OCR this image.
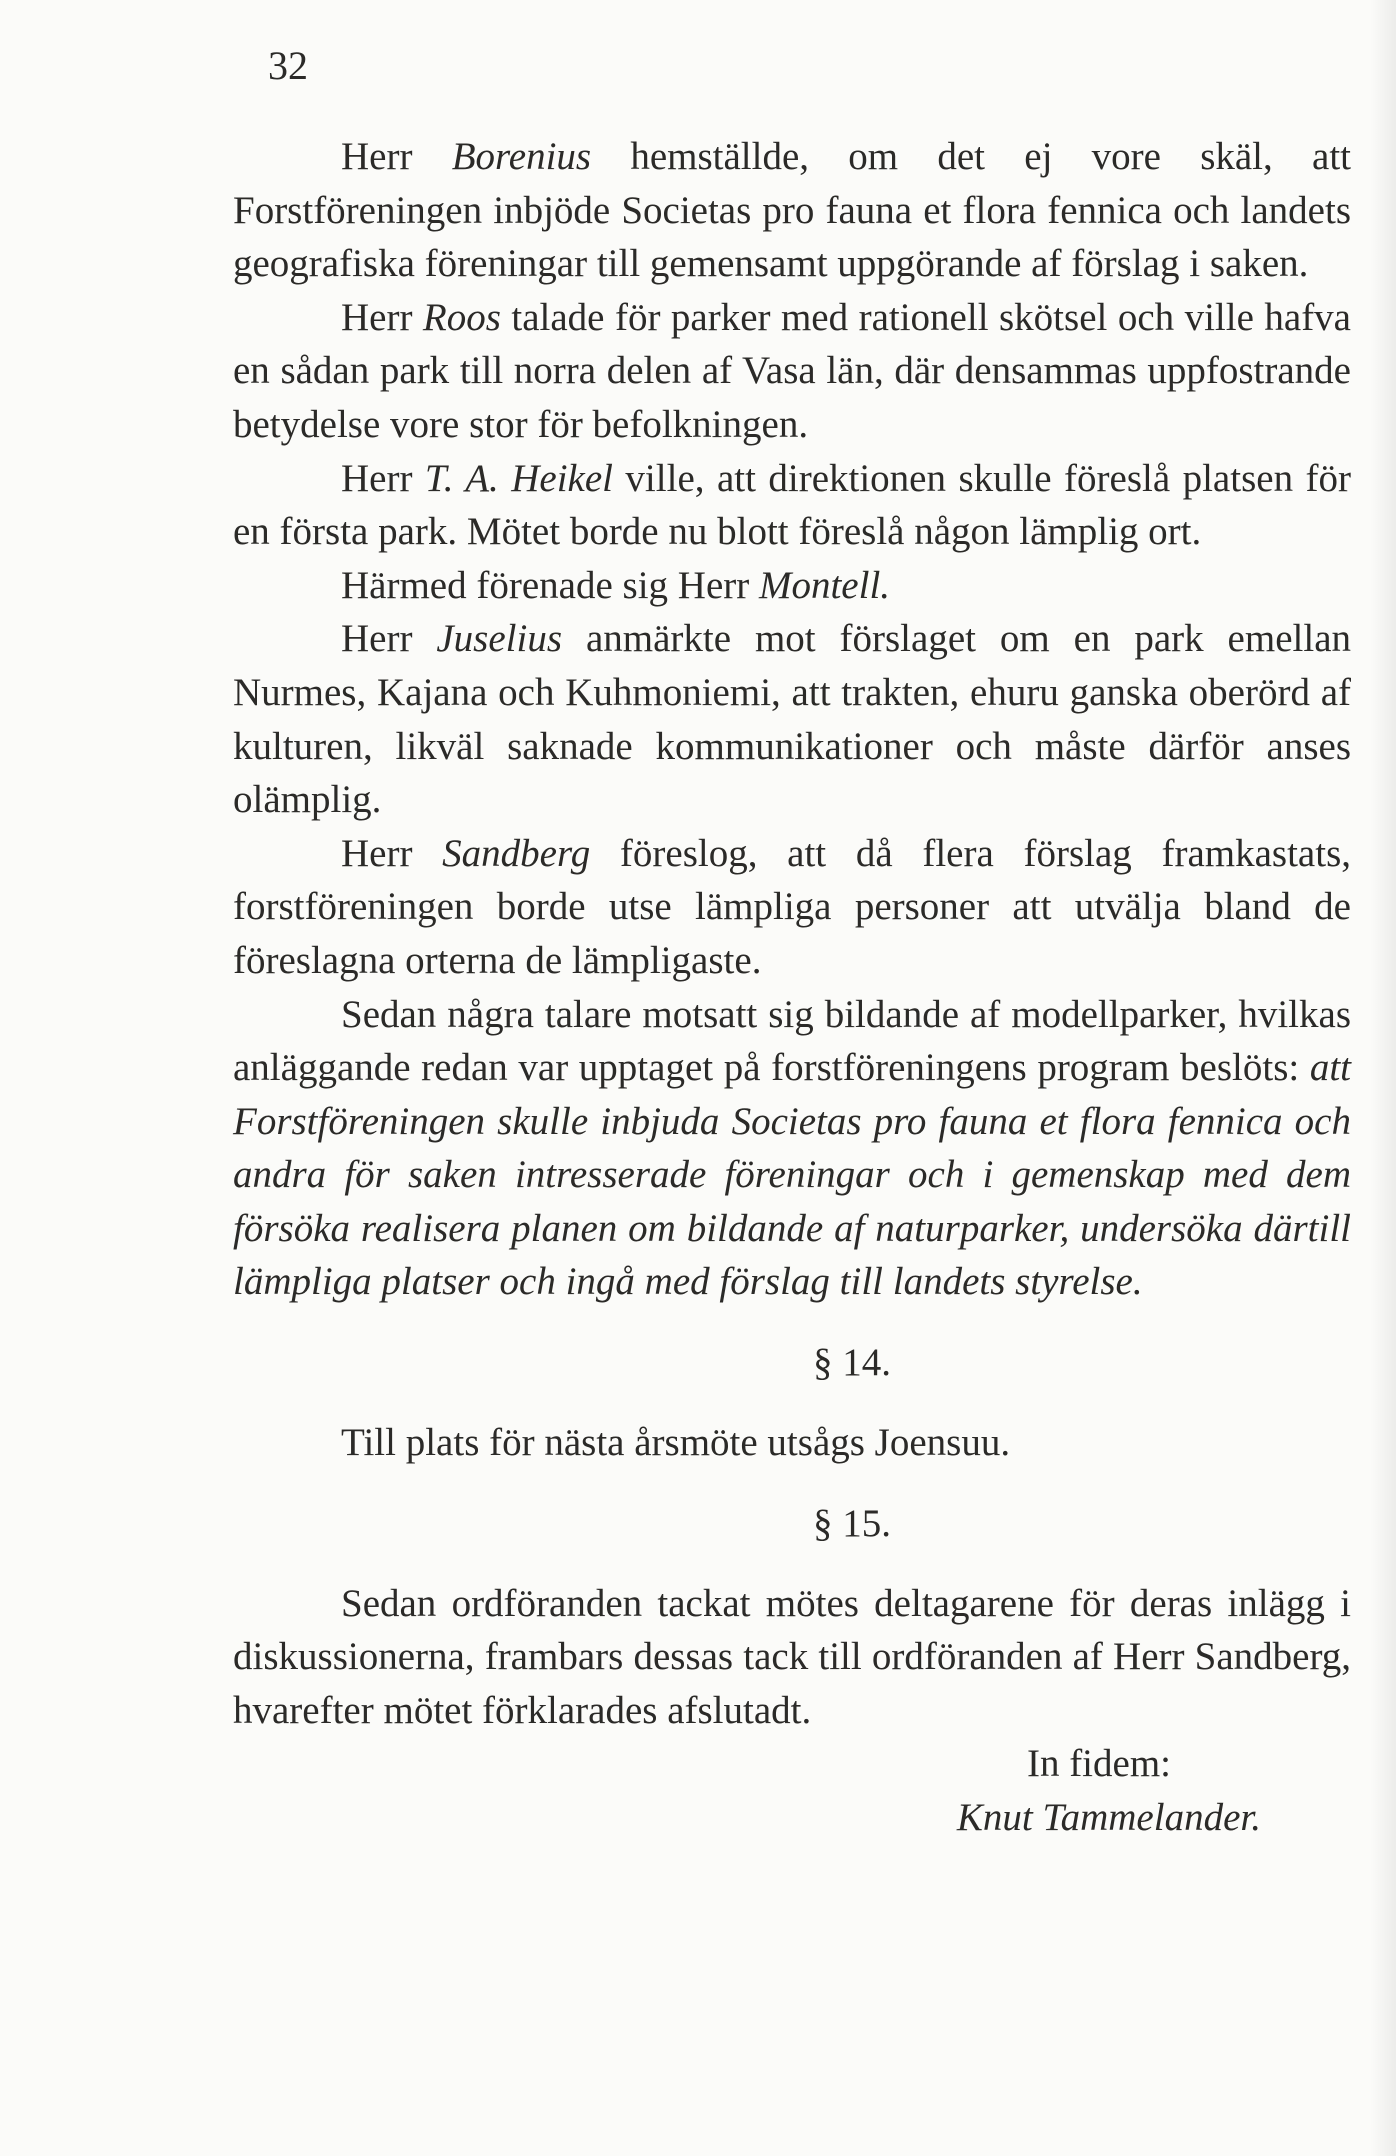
32

Herr Borenius hemställde, om det ej vore skäl, att Forstföreningen inbjöde Societas pro fauna et flora fennica och landets geografiska föreningar till gemensamt uppgörande af förslag i saken.

Herr Roos talade för parker med rationell skötsel och ville hafva en sådan park till norra delen af Vasa län, där densammas uppfostrande betydelse vore stor för befolkningen.

Herr T. A. Heikel ville, att direktionen skulle föreslå platsen för en första park. Mötet borde nu blott föreslå någon lämplig ort.

Härmed förenade sig Herr Montell.

Herr Juselius anmärkte mot förslaget om en park emellan Nurmes, Kajana och Kuhmoniemi, att trakten, ehuru ganska oberörd af kulturen, likväl saknade kommunikationer och måste därför anses olämplig.

Herr Sandberg föreslog, att då flera förslag framkastats, forstföreningen borde utse lämpliga personer att utvälja bland de föreslagna orterna de lämpligaste.

Sedan några talare motsatt sig bildande af modellparker, hvilkas anläggande redan var upptaget på forstföreningens program beslöts: att Forstföreningen skulle inbjuda Societas pro fauna et flora fennica och andra för saken intresserade föreningar och i gemenskap med dem försöka realisera planen om bildande af naturparker, undersöka därtill lämpliga platser och ingå med förslag till landets styrelse.

§ 14.

Till plats för nästa årsmöte utsågs Joensuu.

§ 15.

Sedan ordföranden tackat mötes deltagarene för deras inlägg i diskussionerna, frambars dessas tack till ordföranden af Herr Sandberg, hvarefter mötet förklarades afslutadt.

In fidem:

Knut Tammelander.
